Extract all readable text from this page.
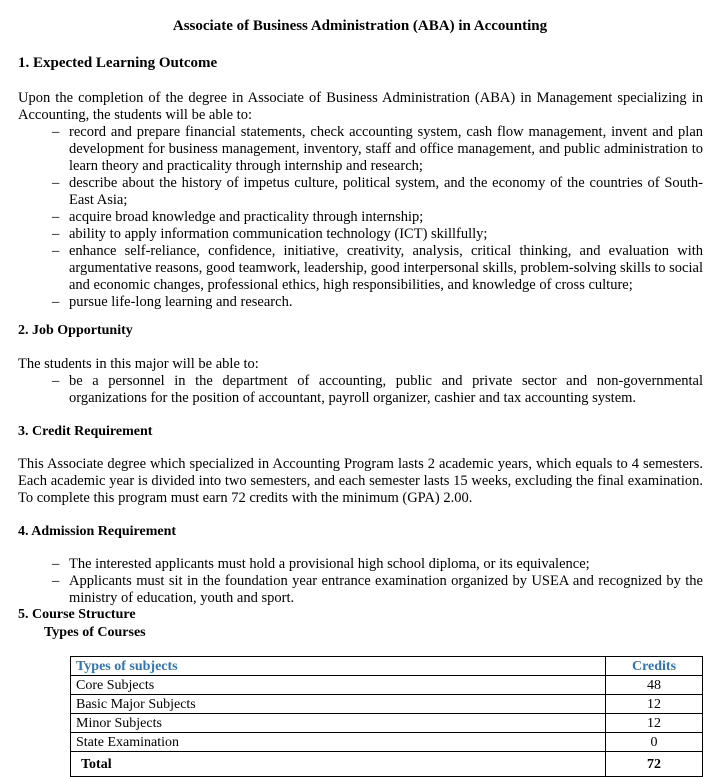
Associate of Business Administration (ABA) in Accounting
1. Expected Learning Outcome

Upon the completion of the degree in Associate of Business Administration (ABA) in Management specializing in Accounting, the students will be able to:

– record and prepare financial statements, check accounting system, cash flow management, invent and plan development for business management, inventory, staff and office management, and public administration to learn theory and practicality through internship and research;
– describe about the history of impetus culture, political system, and the economy of the countries of South-East Asia;
– acquire broad knowledge and practicality through internship;
– ability to apply information communication technology (ICT) skillfully;
– enhance self-reliance, confidence, initiative, creativity, analysis, critical thinking, and evaluation with argumentative reasons, good teamwork, leadership, good interpersonal skills, problem-solving skills to social and economic changes, professional ethics, high responsibilities, and knowledge of cross culture;
– pursue life-long learning and research.
2. Job Opportunity

The students in this major will be able to:

– be a personnel in the department of accounting, public and private sector and non-governmental organizations for the position of accountant, payroll organizer, cashier and tax accounting system.
3. Credit Requirement

This Associate degree which specialized in Accounting Program lasts 2 academic years, which equals to 4 semesters. Each academic year is divided into two semesters, and each semester lasts 15 weeks, excluding the final examination. To complete this program must earn 72 credits with the minimum (GPA) 2.00.

4. Admission Requirement
– The interested applicants must hold a provisional high school diploma, or its equivalence;
– Applicants must sit in the foundation year entrance examination organized by USEA and recognized by the ministry of education, youth and sport.
5. Course Structure
Types of Courses
Types of subjects	Credits
Core Subjects	48
Basic Major Subjects	12
Minor Subjects	12
State Examination	0
Total	72
